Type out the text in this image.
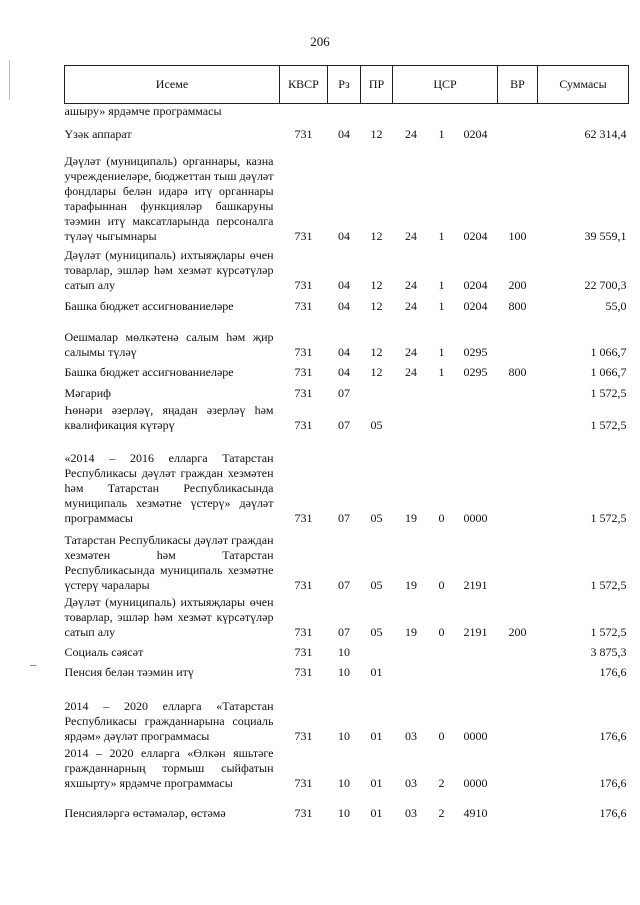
206
Исеме	КВСР	Рз	ПР	ЦСР			ВР	Суммасы
ашыру» ярдәмче программасы								
Үзәк аппарат	731	04	12	24	1	0204		62 314,4
Дәүләт (муниципаль) органнары, казна учреждениеләре, бюджеттан тыш дәүләт фондлары белән идарә итү органнары тарафыннан функцияләр башкаруны тәэмин итү максатларында персоналга түләү чыгымнары	731	04	12	24	1	0204	100	39 559,1
Дәүләт (муниципаль) ихтыяҗлары өчен товарлар, эшләр һәм хезмәт күрсәтүләр сатып алу	731	04	12	24	1	0204	200	22 700,3
Башка бюджет ассигнованиеләре	731	04	12	24	1	0204	800	55,0
Оешмалар мөлкәтенә салым һәм җир салымы түләү	731	04	12	24	1	0295		1 066,7
Башка бюджет ассигнованиеләре	731	04	12	24	1	0295	800	1 066,7
Мәгариф	731	07						1 572,5
Һөнәри әзерләү, яңадан әзерләү һәм квалификация күтәрү	731	07	05					1 572,5
«2014 – 2016 елларга Татарстан Республикасы дәүләт граждан хезмәтен һәм Татарстан Республикасында муниципаль хезмәтне үстерү» дәүләт программасы	731	07	05	19	0	0000		1 572,5
Татарстан Республикасы дәүләт граждан хезмәтен һәм Татарстан Республикасында муниципаль хезмәтне үстерү чаралары	731	07	05	19	0	2191		1 572,5
Дәүләт (муниципаль) ихтыяҗлары өчен товарлар, эшләр һәм хезмәт күрсәтүләр сатып алу	731	07	05	19	0	2191	200	1 572,5
Социаль сәясәт	731	10						3 875,3
Пенсия белән тәэмин итү	731	10	01					176,6
2014 – 2020 елларга «Татарстан Республикасы гражданнарына социаль ярдәм» дәүләт программасы	731	10	01	03	0	0000		176,6
2014 – 2020 елларга «Өлкән яшьтәге гражданнарның тормыш сыйфатын яхшырту» ярдәмче программасы	731	10	01	03	2	0000		176,6
Пенсияләргә өстәмәләр, өстәмә	731	10	01	03	2	4910		176,6
